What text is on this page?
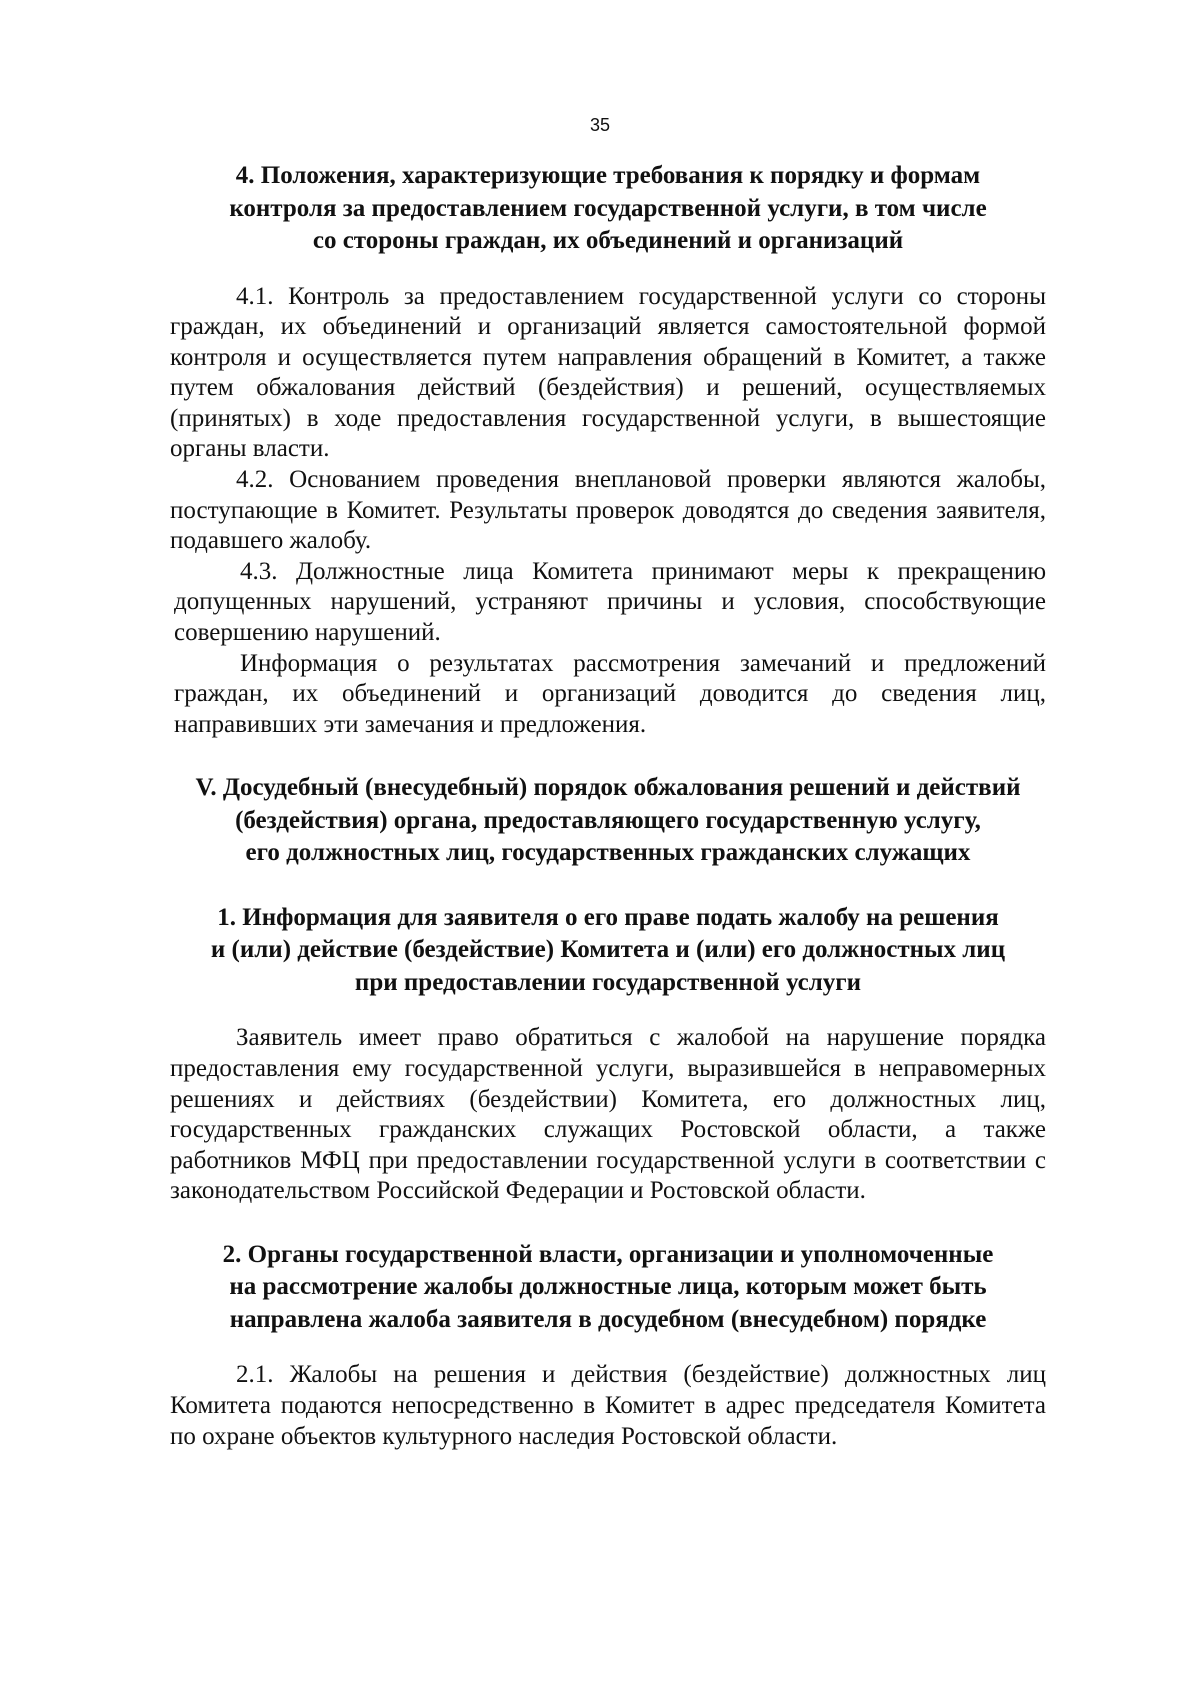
35

4. Положения, характеризующие требования к порядку и формам
контроля за предоставлением государственной услуги, в том числе
со стороны граждан, их объединений и организаций

4.1. Контроль за предоставлением государственной услуги со стороны граждан, их объединений и организаций является самостоятельной формой контроля и осуществляется путем направления обращений в Комитет, а также путем обжалования действий (бездействия) и решений, осуществляемых (принятых) в ходе предоставления государственной услуги, в вышестоящие органы власти.

4.2. Основанием проведения внеплановой проверки являются жалобы, поступающие в Комитет. Результаты проверок доводятся до сведения заявителя, подавшего жалобу.

4.3. Должностные лица Комитета принимают меры к прекращению допущенных нарушений, устраняют причины и условия, способствующие совершению нарушений.

Информация о результатах рассмотрения замечаний и предложений граждан, их объединений и организаций доводится до сведения лиц, направивших эти замечания и предложения.

V. Досудебный (внесудебный) порядок обжалования решений и действий
(бездействия) органа, предоставляющего государственную услугу,
его должностных лиц, государственных гражданских служащих

1. Информация для заявителя о его праве подать жалобу на решения
и (или) действие (бездействие) Комитета и (или) его должностных лиц
при предоставлении государственной услуги

Заявитель имеет право обратиться с жалобой на нарушение порядка предоставления ему государственной услуги, выразившейся в неправомерных решениях и действиях (бездействии) Комитета, его должностных лиц, государственных гражданских служащих Ростовской области, а также работников МФЦ при предоставлении государственной услуги в соответствии с законодательством Российской Федерации и Ростовской области.

2. Органы государственной власти, организации и уполномоченные
на рассмотрение жалобы должностные лица, которым может быть
направлена жалоба заявителя в досудебном (внесудебном) порядке

2.1. Жалобы на решения и действия (бездействие) должностных лиц Комитета подаются непосредственно в Комитет в адрес председателя Комитета по охране объектов культурного наследия Ростовской области.
